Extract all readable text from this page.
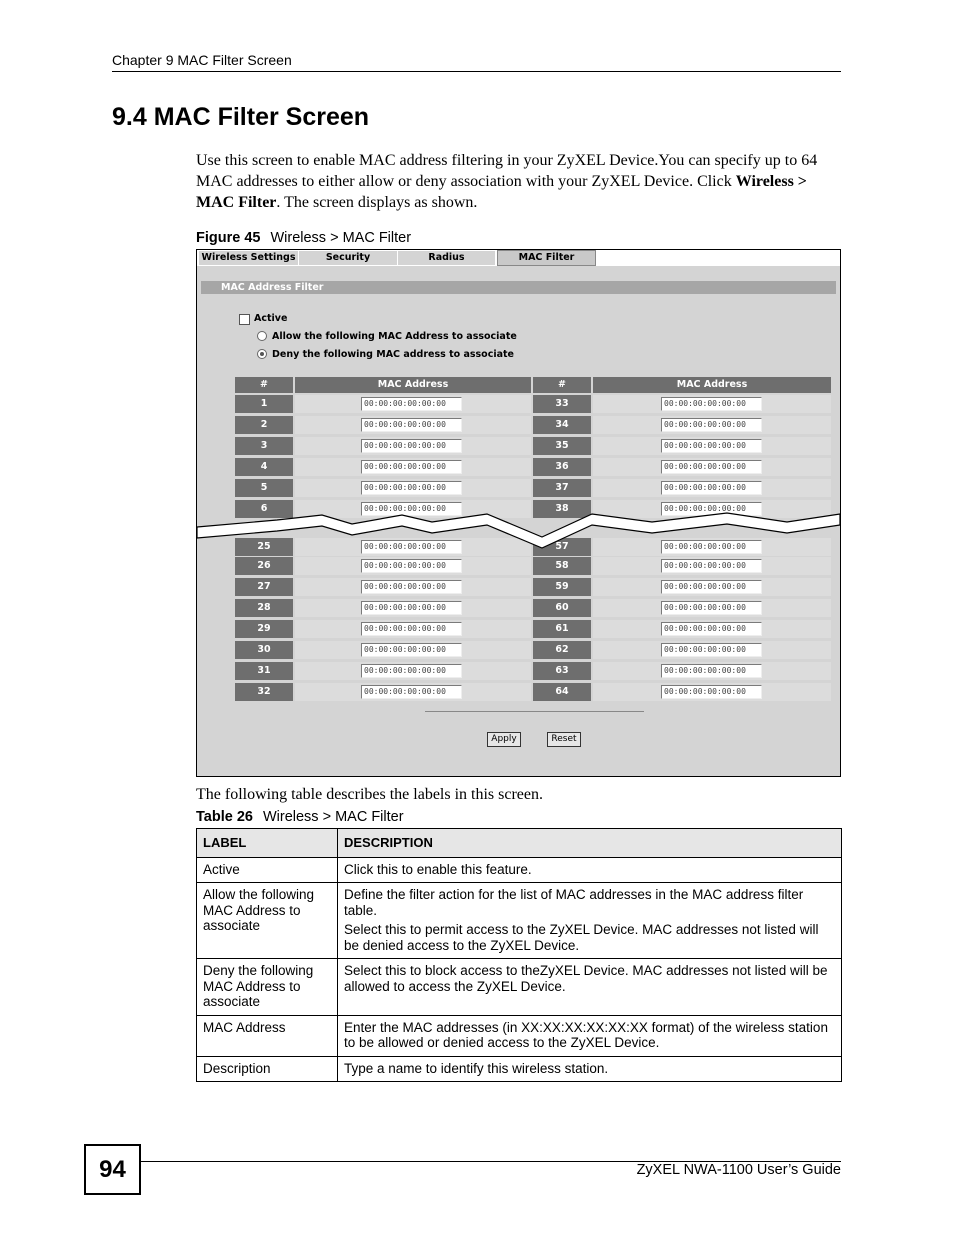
Chapter 9 MAC Filter Screen
9.4 MAC Filter Screen
Use this screen to enable MAC address filtering in your ZyXEL Device.You can specify up to 64 MAC addresses to either allow or deny association with your ZyXEL Device. Click Wireless > MAC Filter. The screen displays as shown.
Figure 45 Wireless > MAC Filter
Wireless Settings	Security	Radius	MAC Filter
MAC Address Filter
Active
Allow the following MAC Address to associate
Deny the following MAC address to associate
#	MAC Address	#	MAC Address
1	00:00:00:00:00:00	33	00:00:00:00:00:00
2	00:00:00:00:00:00	34	00:00:00:00:00:00
3	00:00:00:00:00:00	35	00:00:00:00:00:00
4	00:00:00:00:00:00	36	00:00:00:00:00:00
5	00:00:00:00:00:00	37	00:00:00:00:00:00
6	00:00:00:00:00:00	38	00:00:00:00:00:00
25	00:00:00:00:00:00	57	00:00:00:00:00:00
26	00:00:00:00:00:00	58	00:00:00:00:00:00
27	00:00:00:00:00:00	59	00:00:00:00:00:00
28	00:00:00:00:00:00	60	00:00:00:00:00:00
29	00:00:00:00:00:00	61	00:00:00:00:00:00
30	00:00:00:00:00:00	62	00:00:00:00:00:00
31	00:00:00:00:00:00	63	00:00:00:00:00:00
32	00:00:00:00:00:00	64	00:00:00:00:00:00
Apply	Reset
The following table describes the labels in this screen.
Table 26 Wireless > MAC Filter
LABEL	DESCRIPTION
Active	Click this to enable this feature.

Allow the following MAC Address to associate	Define the filter action for the list of MAC addresses in the MAC address filter table.

Select this to permit access to the ZyXEL Device. MAC addresses not listed will be denied access to the ZyXEL Device.

Deny the following MAC Address to associate	Select this to block access to theZyXEL Device. MAC addresses not listed will be allowed to access the ZyXEL Device.

MAC Address	Enter the MAC addresses (in XX:XX:XX:XX:XX:XX format) of the wireless station to be allowed or denied access to the ZyXEL Device.

Description	Type a name to identify this wireless station.

94	ZyXEL NWA-1100 User’s Guide
